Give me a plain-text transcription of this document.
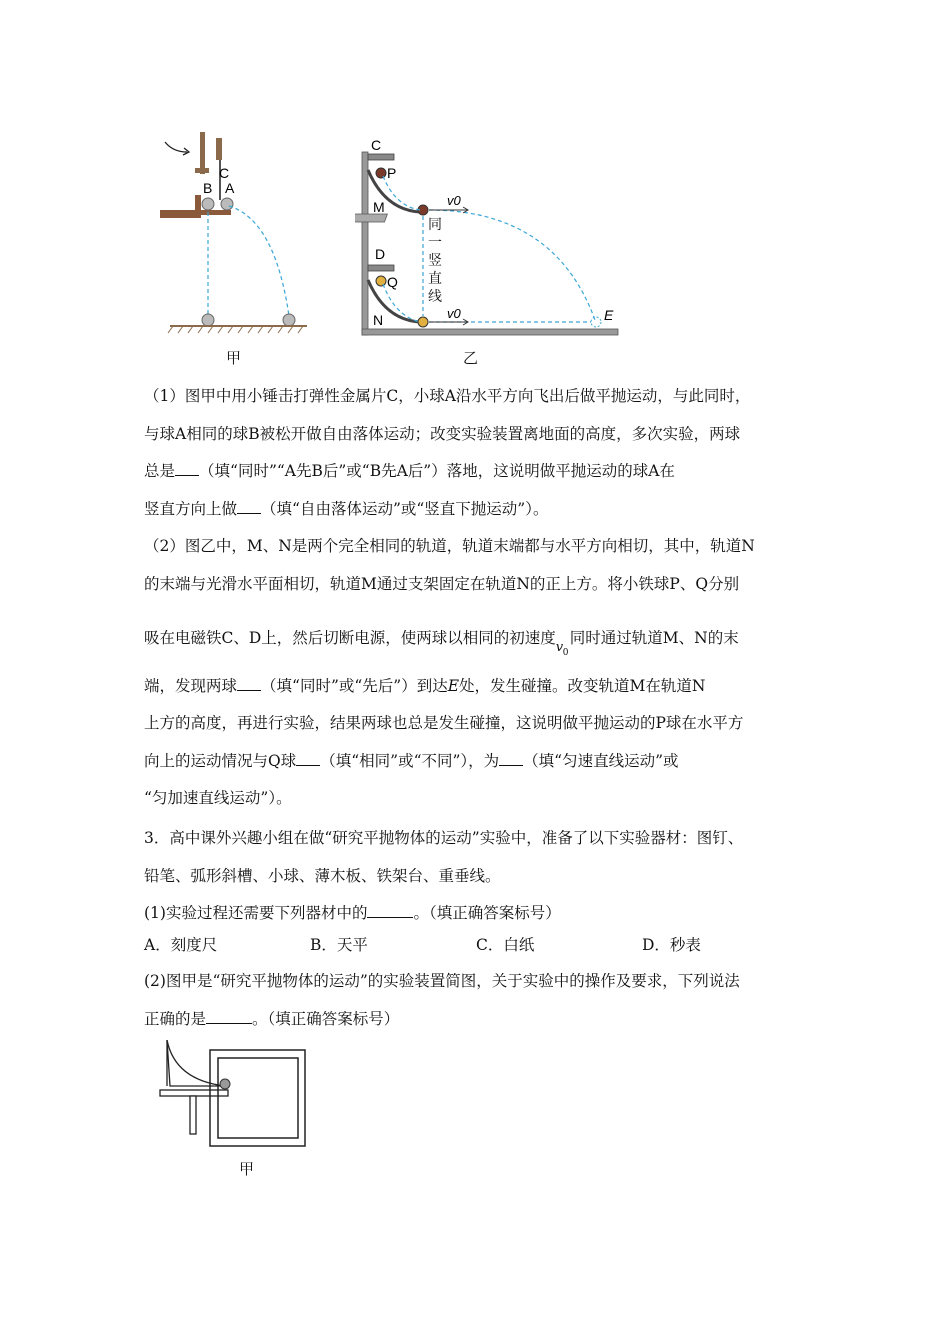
C
B A
甲
C
P
M
D
Q
N	E
v0
v0
同一竖直线
乙

（1）图甲中用小锤击打弹性金属片C，小球A沿水平方向飞出后做平抛运动，与此同时，

与球A相同的球B被松开做自由落体运动；改变实验装置离地面的高度，多次实验，两球

总是 （填“同时”“A先B后”或“B先A后”）落地，这说明做平抛运动的球A在

竖直方向上做 （填“自由落体运动”或“竖直下抛运动”）。

（2）图乙中，M、N是两个完全相同的轨道，轨道末端都与水平方向相切，其中，轨道N

的末端与光滑水平面相切，轨道M通过支架固定在轨道N的正上方。将小铁球P、Q分别

吸在电磁铁C、D上，然后切断电源，使两球以相同的初速度
v 0
同时通过轨道M、N的末

端，发现两球 （填“同时”或“先后”）到达E处，发生碰撞。改变轨道M在轨道N

上方的高度，再进行实验，结果两球也总是发生碰撞，这说明做平抛运动的P球在水平方

向上的运动情况与Q球 （填“相同”或“不同”），为 （填“匀速直线运动”或

“匀加速直线运动”）。

3．高中课外兴趣小组在做“研究平抛物体的运动”实验中，准备了以下实验器材：图钉、

铅笔、弧形斜槽、小球、薄木板、铁架台、重垂线。

(1)实验过程还需要下列器材中的	。（填正确答案标号）

A．刻度尺	B．天平	C．白纸	D．秒表

(2)图甲是“研究平抛物体的运动”的实验装置简图，关于实验中的操作及要求，下列说法

正确的是	。（填正确答案标号）

甲
